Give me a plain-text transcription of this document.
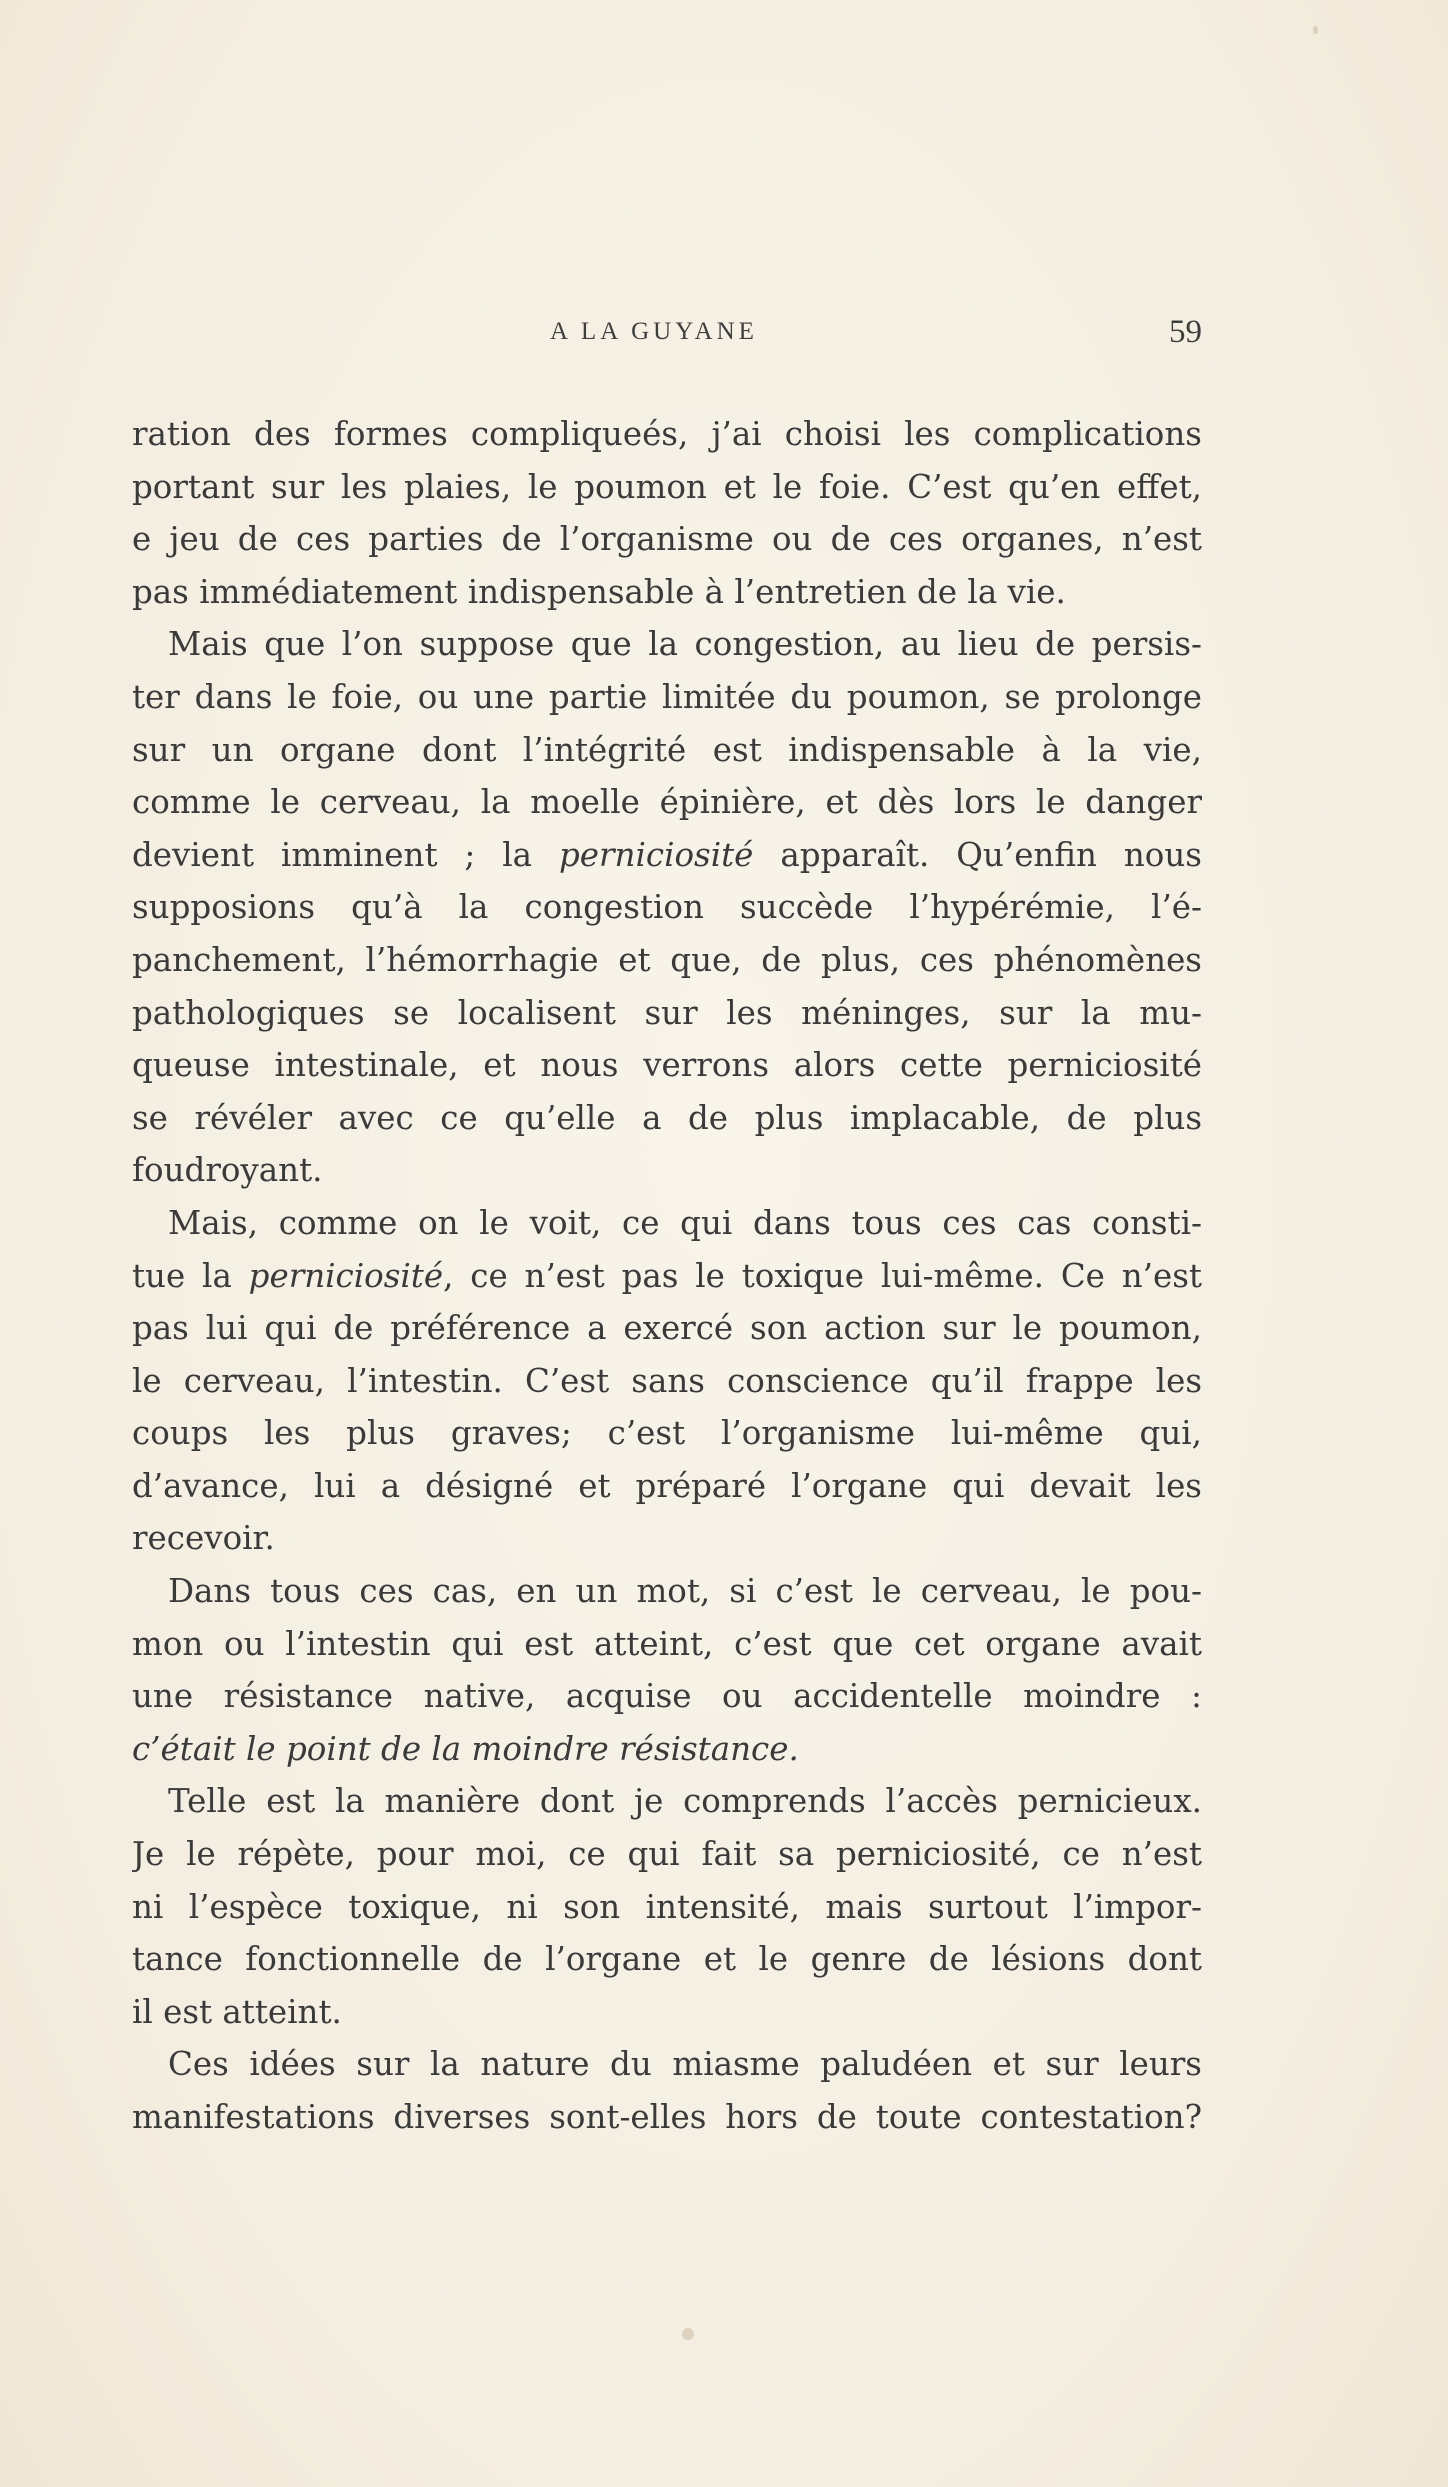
A LA GUYANE	59
ration des formes compliqueés, j’ai choisi les complications
portant sur les plaies, le poumon et le foie. C’est qu’en effet,
e jeu de ces parties de l’organisme ou de ces organes, n’est
pas immédiatement indispensable à l’entretien de la vie.
Mais que l’on suppose que la congestion, au lieu de persis-
ter dans le foie, ou une partie limitée du poumon, se prolonge
sur un organe dont l’intégrité est indispensable à la vie,
comme le cerveau, la moelle épinière, et dès lors le danger
devient imminent ; la perniciosité apparaît. Qu’enfin nous
supposions qu’à la congestion succède l’hypérémie, l’é-
panchement, l’hémorrhagie et que, de plus, ces phénomènes
pathologiques se localisent sur les méninges, sur la mu-
queuse intestinale, et nous verrons alors cette perniciosité
se révéler avec ce qu’elle a de plus implacable, de plus
foudroyant.
Mais, comme on le voit, ce qui dans tous ces cas consti-
tue la perniciosité, ce n’est pas le toxique lui-même. Ce n’est
pas lui qui de préférence a exercé son action sur le poumon,
le cerveau, l’intestin. C’est sans conscience qu’il frappe les
coups les plus graves; c’est l’organisme lui-même qui,
d’avance, lui a désigné et préparé l’organe qui devait les
recevoir.
Dans tous ces cas, en un mot, si c’est le cerveau, le pou-
mon ou l’intestin qui est atteint, c’est que cet organe avait
une résistance native, acquise ou accidentelle moindre :
c’était le point de la moindre résistance.
Telle est la manière dont je comprends l’accès pernicieux.
Je le répète, pour moi, ce qui fait sa perniciosité, ce n’est
ni l’espèce toxique, ni son intensité, mais surtout l’impor-
tance fonctionnelle de l’organe et le genre de lésions dont
il est atteint.
Ces idées sur la nature du miasme paludéen et sur leurs
manifestations diverses sont-elles hors de toute contestation?
